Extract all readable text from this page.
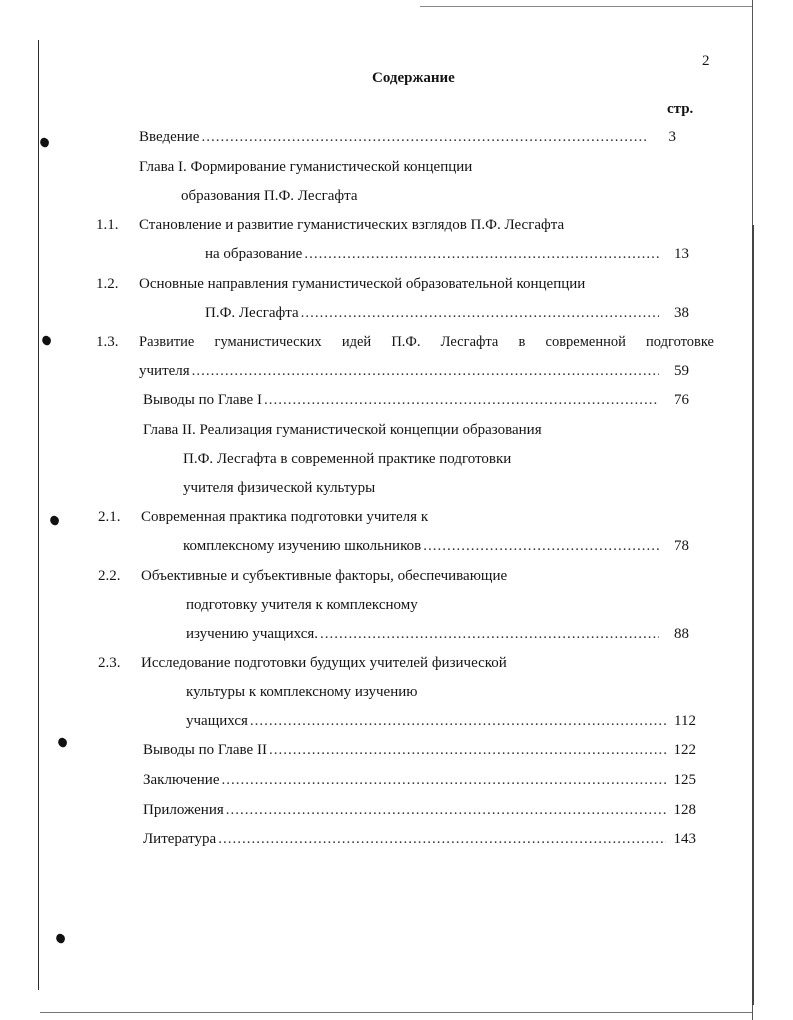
2
Содержание
стр.
Введение .....	3
Глава I. Формирование гуманистической концепции
образования П.Ф. Лесгафта
1.1. Становление и развитие гуманистических взглядов П.Ф. Лесгафта
на образование .....	13
1.2. Основные направления гуманистической образовательной концепции
П.Ф. Лесгафта .....	38
1.3. Развитие гуманистических идей П.Ф. Лесгафта в современной подготовке
учителя .....	59
Выводы по Главе I .....	76
Глава II. Реализация гуманистической концепции образования
П.Ф. Лесгафта в современной практике подготовки
учителя физической культуры
2.1. Современная практика подготовки учителя к
комплексному изучению школьников .....	78
2.2. Объективные и субъективные факторы, обеспечивающие
подготовку учителя к комплексному
изучению учащихся. .....	88
2.3. Исследование подготовки будущих учителей физической
культуры к комплексному изучению
учащихся .....	112
Выводы по Главе II .....	122
Заключение .....	125
Приложения .....	128
Литература .....	143
